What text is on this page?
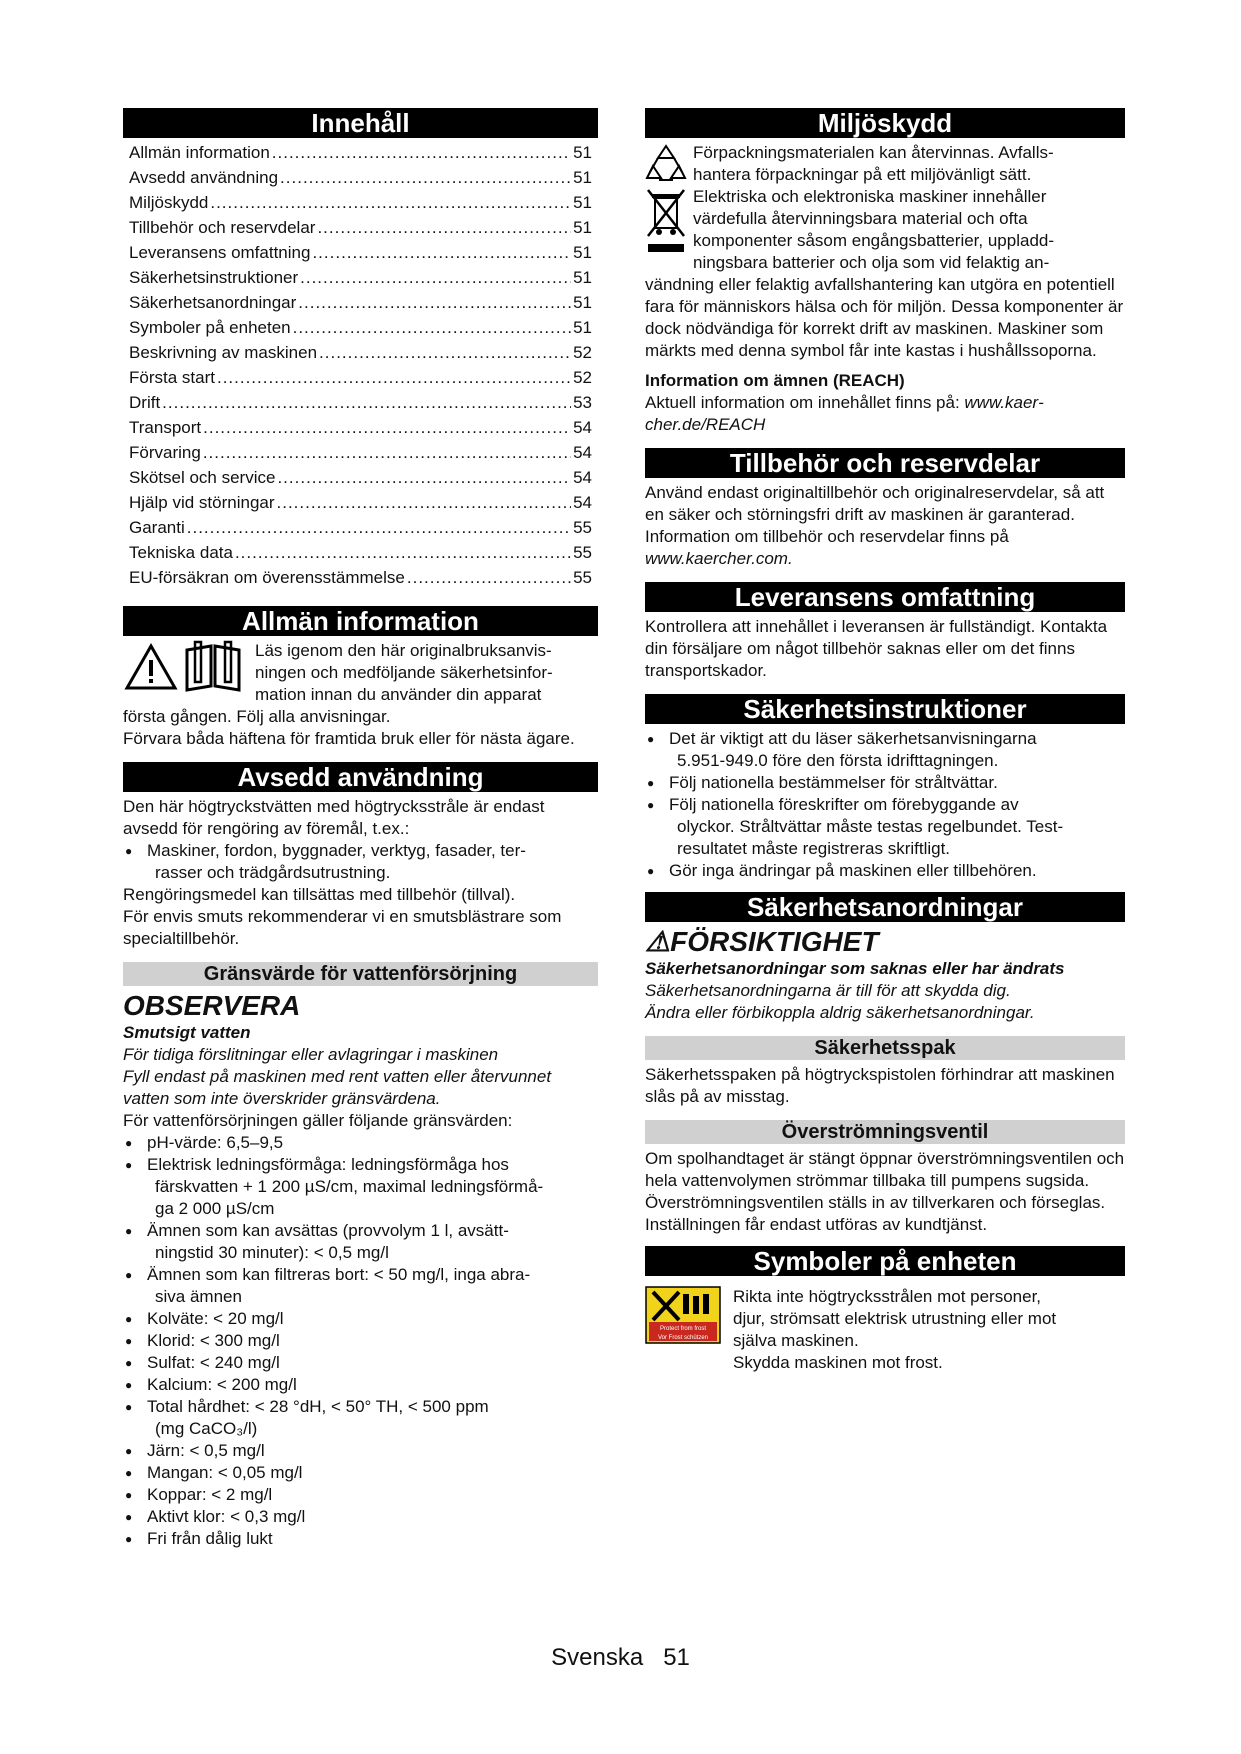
Innehåll
Allmän information .....	51
Avsedd användning .....	51
Miljöskydd .....	51
Tillbehör och reservdelar .....	51
Leveransens omfattning .....	51
Säkerhetsinstruktioner .....	51
Säkerhetsanordningar .....	51
Symboler på enheten .....	51
Beskrivning av maskinen .....	52
Första start .....	52
Drift .....	53
Transport .....	54
Förvaring .....	54
Skötsel och service .....	54
Hjälp vid störningar .....	54
Garanti .....	55
Tekniska data .....	55
EU-försäkran om överensstämmelse .....	55
Allmän information

Läs igenom den här originalbruksanvis-

ningen och medföljande säkerhetsinfor-

mation innan du använder din apparat

första gången. Följ alla anvisningar.

Förvara båda häftena för framtida bruk eller för nästa ägare.

Avsedd användning

Den här högtryckstvätten med högtrycksstråle är endast avsedd för rengöring av föremål, t.ex.:

● Maskiner, fordon, byggnader, verktyg, fasader, ter-
rasser och trädgårdsutrustning.

Rengöringsmedel kan tillsättas med tillbehör (tillval).

För envis smuts rekommenderar vi en smutsblästrare som specialtillbehör.

Gränsvärde för vattenförsörjning
OBSERVERA

Smutsigt vatten

För tidiga förslitningar eller avlagringar i maskinen

Fyll endast på maskinen med rent vatten eller återvunnet vatten som inte överskrider gränsvärdena.

För vattenförsörjningen gäller följande gränsvärden:

● pH-värde: 6,5–9,5
● Elektrisk ledningsförmåga: ledningsförmåga hos
färskvatten + 1 200 µS/cm, maximal ledningsförmå-
ga 2 000 µS/cm
● Ämnen som kan avsättas (provvolym 1 l, avsätt-
ningstid 30 minuter): < 0,5 mg/l
● Ämnen som kan filtreras bort: < 50 mg/l, inga abra-
siva ämnen
● Kolväte: < 20 mg/l
● Klorid: < 300 mg/l
● Sulfat: < 240 mg/l
● Kalcium: < 200 mg/l
● Total hårdhet: < 28 °dH, < 50° TH, < 500 ppm
(mg CaCO₃/l)
● Järn: < 0,5 mg/l
● Mangan: < 0,05 mg/l
● Koppar: < 2 mg/l
● Aktivt klor: < 0,3 mg/l
● Fri från dålig lukt
Miljöskydd

Förpackningsmaterialen kan återvinnas. Avfalls-

hantera förpackningar på ett miljövänligt sätt.

Elektriska och elektroniska maskiner innehåller

värdefulla återvinningsbara material och ofta

komponenter såsom engångsbatterier, uppladd-

ningsbara batterier och olja som vid felaktig an-

vändning eller felaktig avfallshantering kan utgöra en potentiell fara för människors hälsa och för miljön. Dessa komponenter är dock nödvändiga för korrekt drift av maskinen. Maskiner som märkts med denna symbol får inte kastas i hushållssoporna.

Information om ämnen (REACH)

Aktuell information om innehållet finns på: www.kaercher.de/REACH

Tillbehör och reservdelar

Använd endast originaltillbehör och originalreservdelar, så att en säker och störningsfri drift av maskinen är garanterad.

Information om tillbehör och reservdelar finns på

www.kaercher.com.

Leveransens omfattning

Kontrollera att innehållet i leveransen är fullständigt. Kontakta din försäljare om något tillbehör saknas eller om det finns transportskador.

Säkerhetsinstruktioner
● Det är viktigt att du läser säkerhetsanvisningarna
5.951-949.0 före den första idrifttagningen.
● Följ nationella bestämmelser för stråltvättar.
● Följ nationella föreskrifter om förebyggande av
olyckor. Stråltvättar måste testas regelbundet. Test-
resultatet måste registreras skriftligt.
● Gör inga ändringar på maskinen eller tillbehören.
Säkerhetsanordningar
⚠FÖRSIKTIGHET

Säkerhetsanordningar som saknas eller har ändrats

Säkerhetsanordningarna är till för att skydda dig.

Ändra eller förbikoppla aldrig säkerhetsanordningar.

Säkerhetsspak

Säkerhetsspaken på högtryckspistolen förhindrar att maskinen slås på av misstag.

Överströmningsventil

Om spolhandtaget är stängt öppnar överströmningsventilen och hela vattenvolymen strömmar tillbaka till pumpens sugsida.

Överströmningsventilen ställs in av tillverkaren och förseglas. Inställningen får endast utföras av kundtjänst.

Symboler på enheten
Protect from frost
Vor Frost schützen

Rikta inte högtrycksstrålen mot personer,

djur, strömsatt elektrisk utrustning eller mot

själva maskinen.

Skydda maskinen mot frost.

Svenska 51
